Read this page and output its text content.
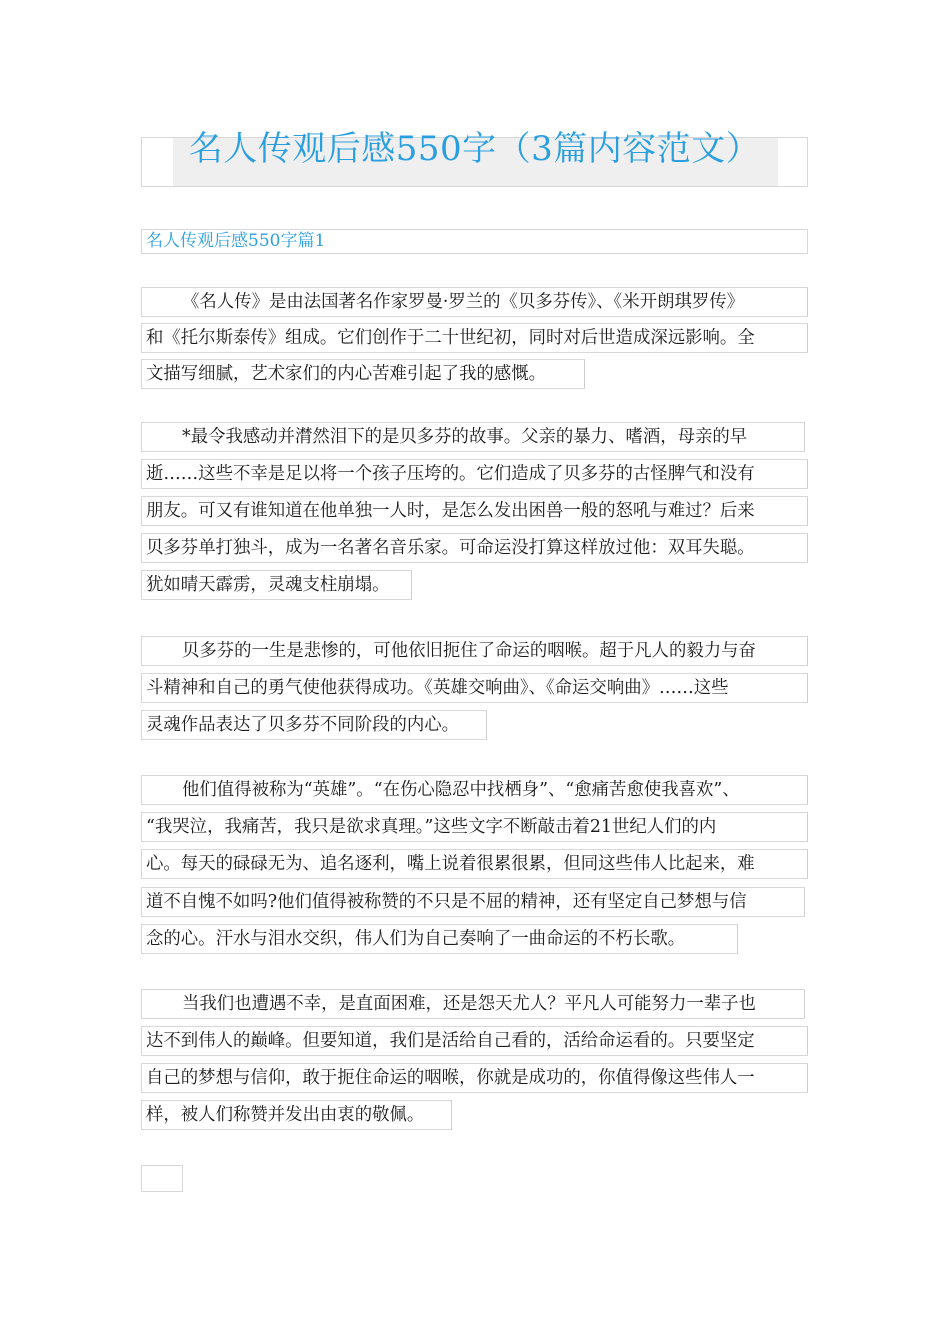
名人传观后感550字（3篇内容范文）
名人传观后感550字篇1
《名人传》是由法国著名作家罗曼·罗兰的《贝多芬传》、《米开朗琪罗传》
和《托尔斯泰传》组成。它们创作于二十世纪初，同时对后世造成深远影响。全
文描写细腻，艺术家们的内心苦难引起了我的感慨。
*最令我感动并潸然泪下的是贝多芬的故事。父亲的暴力、嗜酒，母亲的早
逝……这些不幸是足以将一个孩子压垮的。它们造成了贝多芬的古怪脾气和没有
朋友。可又有谁知道在他单独一人时，是怎么发出困兽一般的怒吼与难过？后来
贝多芬单打独斗，成为一名著名音乐家。可命运没打算这样放过他：双耳失聪。
犹如晴天霹雳，灵魂支柱崩塌。
贝多芬的一生是悲惨的，可他依旧扼住了命运的咽喉。超于凡人的毅力与奋
斗精神和自己的勇气使他获得成功。《英雄交响曲》、《命运交响曲》……这些
灵魂作品表达了贝多芬不同阶段的内心。
他们值得被称为“英雄”。“在伤心隐忍中找栖身”、“愈痛苦愈使我喜欢”、
“我哭泣，我痛苦，我只是欲求真理。”这些文字不断敲击着21世纪人们的内
心。每天的碌碌无为、追名逐利，嘴上说着很累很累，但同这些伟人比起来，难
道不自愧不如吗?他们值得被称赞的不只是不屈的精神，还有坚定自己梦想与信
念的心。汗水与泪水交织，伟人们为自己奏响了一曲命运的不朽长歌。
当我们也遭遇不幸，是直面困难，还是怨天尤人？平凡人可能努力一辈子也
达不到伟人的巅峰。但要知道，我们是活给自己看的，活给命运看的。只要坚定
自己的梦想与信仰，敢于扼住命运的咽喉，你就是成功的，你值得像这些伟人一
样，被人们称赞并发出由衷的敬佩。
